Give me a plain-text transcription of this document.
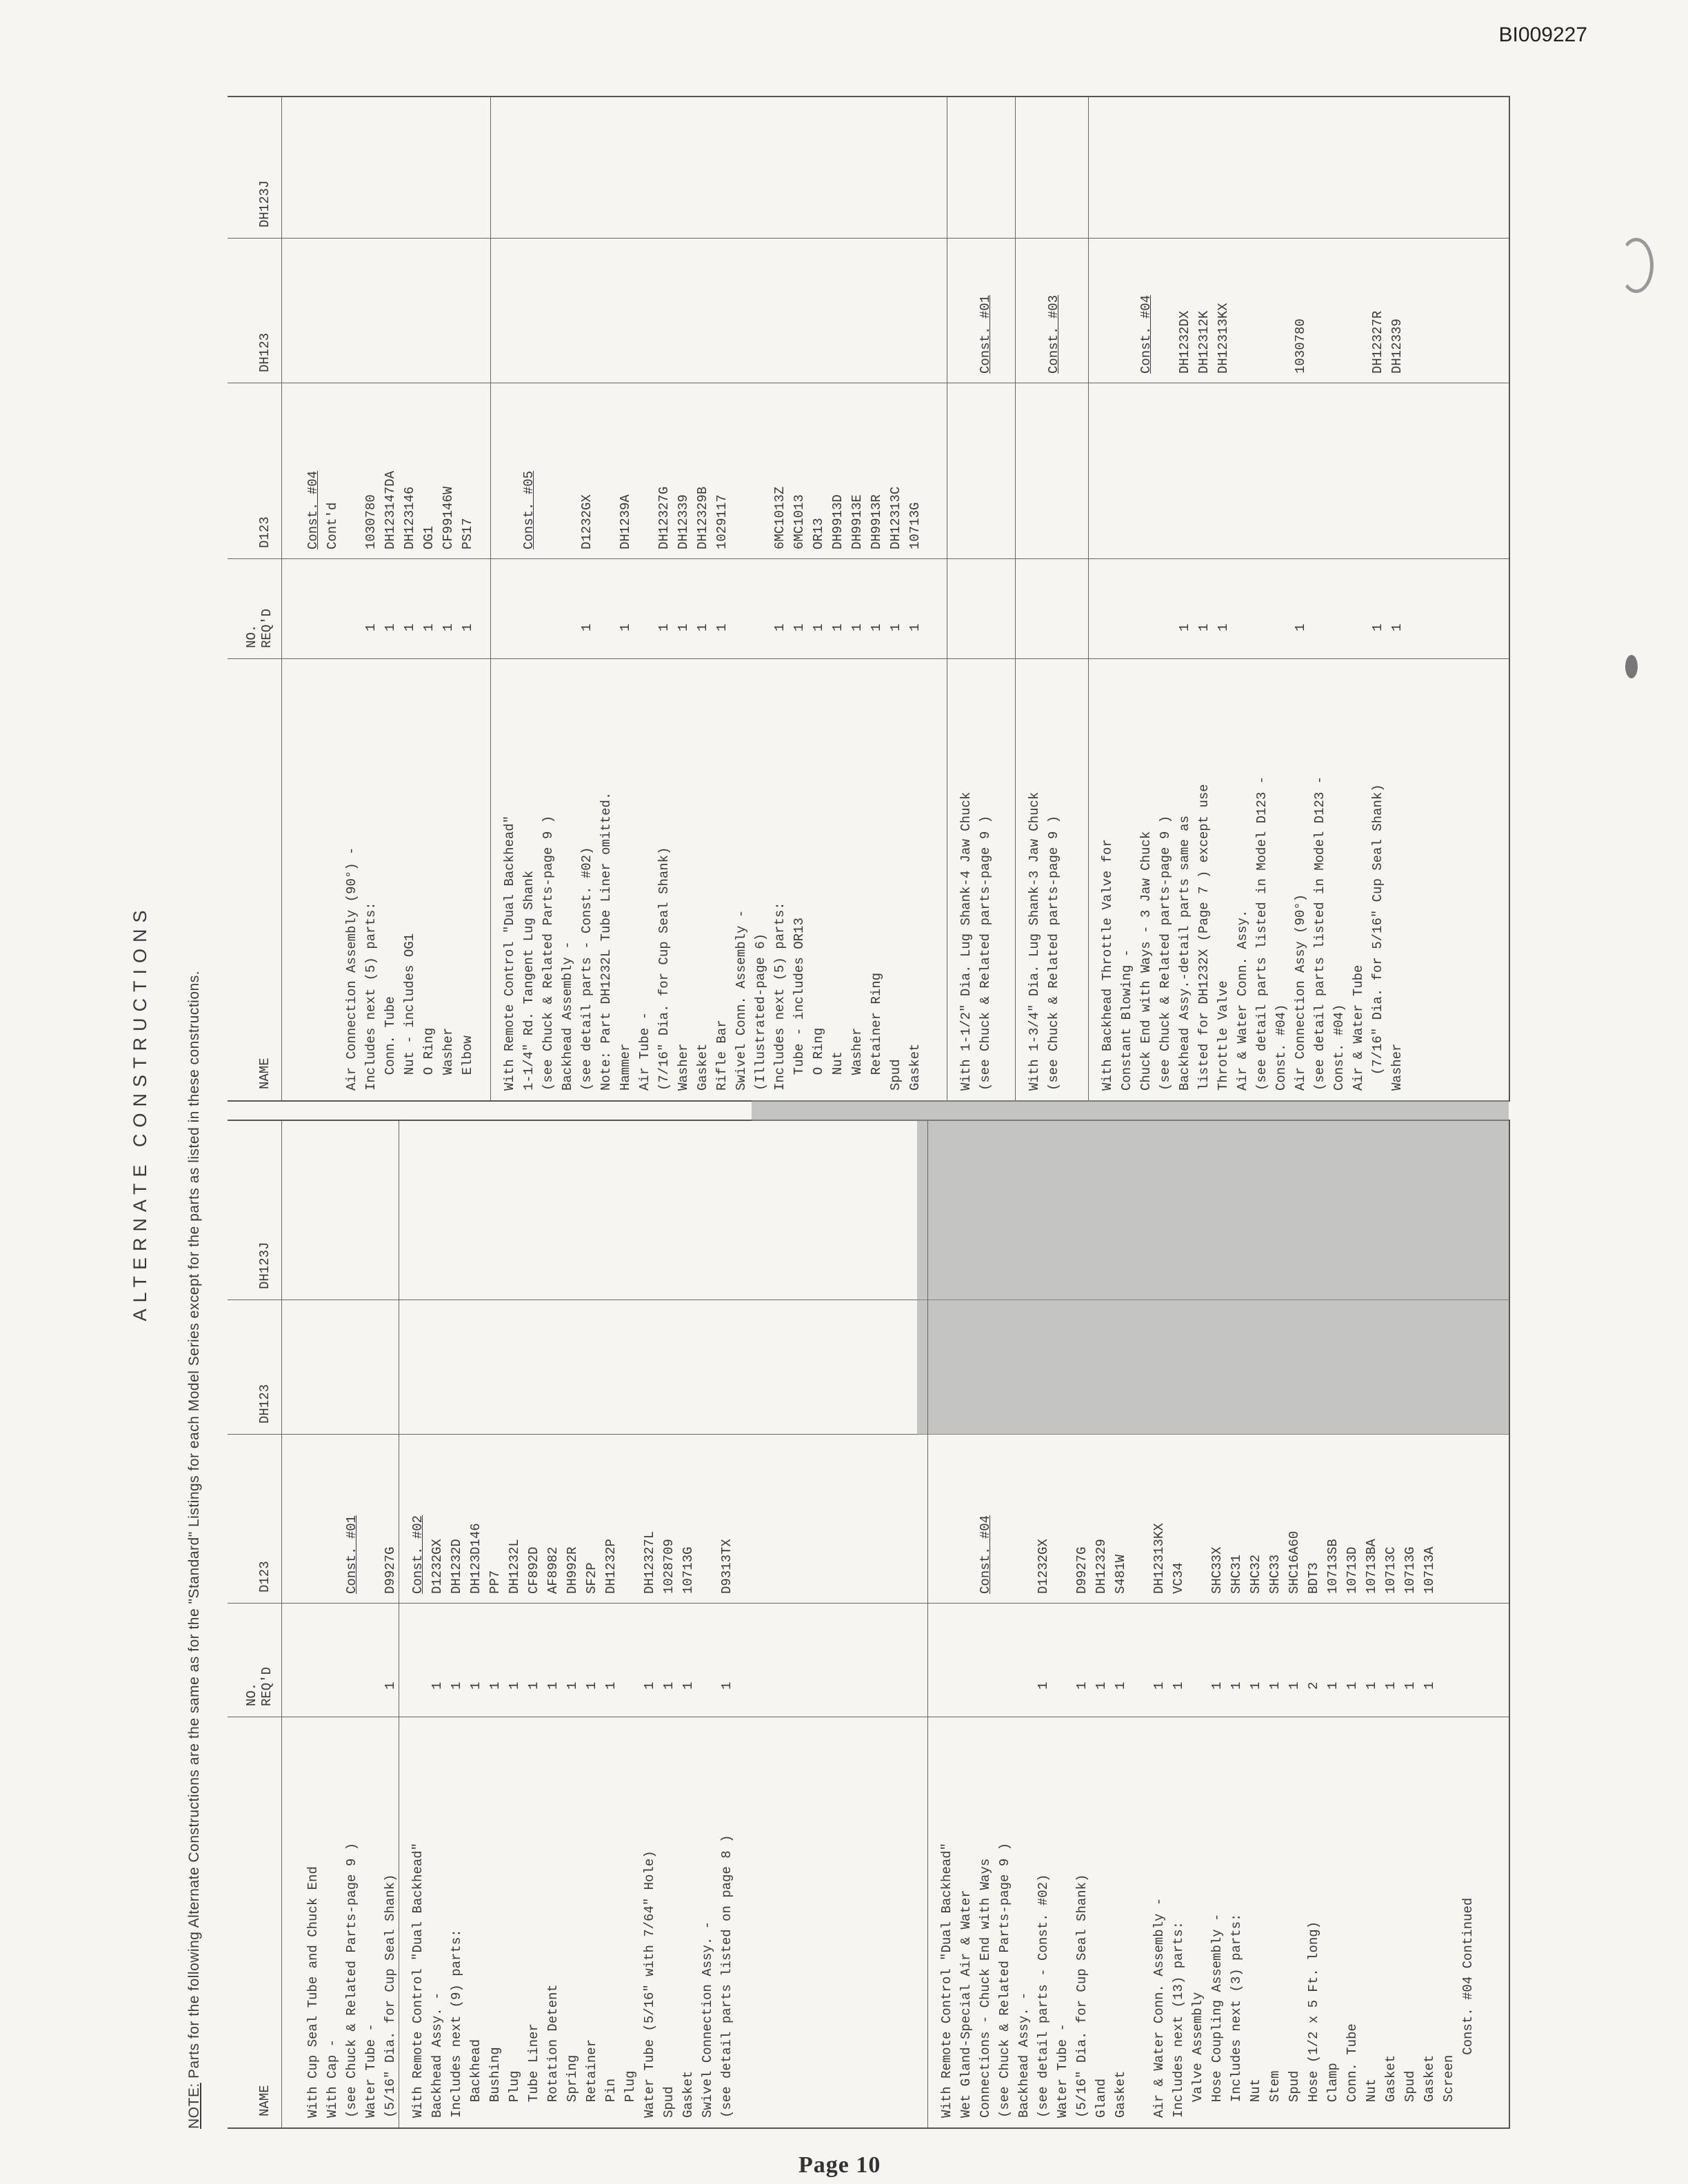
BI009227
ALTERNATE CONSTRUCTIONS
NOTE: Parts for the following Alternate Constructions are the same as for the "Standard" Listings for each Model Series except for the parts as listed in these constructions.
NAME
NO. REQ'D
D123
DH123
DH123J
With Cup Seal Tube and Chuck End With Cap - (see Chuck & Related Parts-page 9 )
Const. #01
Water Tube - (5/16" Dia. for Cup Seal Shank)
1
D9927G
With Remote Control "Dual Backhead"
Const. #02
Backhead Assy. -
1
D1232GX
Includes next (9) parts:
1
DH1232D
Backhead
1
DH123D146
Bushing
1
PP7
Plug
1
DH1232L
Tube Liner
1
CF892D
Rotation Detent
1
AF8982
Spring
1
DH992R
Retainer
1
SF2P
Pin
1
DH1232P
Plug Water Tube (5/16" with 7/64" Hole)
1
DH12327L
Spud
1
1028709
Gasket
1
10713G
Swivel Connection Assy. - (see detail parts listed on page 8 )
1
D9313TX
With Remote Control "Dual Backhead" Wet Gland-Special Air & Water Connections - Chuck End with Ways
Const. #04
(see Chuck & Related Parts-page 9 ) Backhead Assy. - (see detail parts - Const. #02)
1
D1232GX
Water Tube - (5/16" Dia. for Cup Seal Shank)
1
D9927G
Gland
1
DH12329
Gasket
1
S481W
Air & Water Conn. Assembly -
1
DH12313KX
Includes next (13) parts:
1
VC34
Valve Assembly Hose Coupling Assembly -
1
SHC33X
Includes next (3) parts:
1
SHC31
Nut
1
SHC32
Stem
1
SHC33
Spud
1
SHC16A60
Hose (1/2 x 5 Ft. long)
2
BDT3
Clamp
1
10713SB
Conn. Tube
1
10713D
Nut
1
10713BA
Gasket
1
10713C
Spud
1
10713G
Gasket
1
10713A
Screen Const. #04 Continued
NAME
NO. REQ'D
D123
DH123
DH123J
Const. #04 Cont'd
Air Connection Assembly (90°) - Includes next (5) parts:
1
1030780
Conn. Tube
1
DH123147DA
Nut - includes OG1
1
DH123146
O Ring
1
OG1
Washer
1
CF99146W
Elbow
1
PS17
With Remote Control "Dual Backhead" 1-1/4" Rd. Tangent Lug Shank
Const. #05
(see Chuck & Related Parts-page 9 ) Backhead Assembly - (see detail parts - Const. #02)
1
D1232GX
Note: Part DH1232L Tube Liner omitted. Hammer
1
DH1239A
Air Tube - (7/16" Dia. for Cup Seal Shank)
1
DH12327G
Washer
1
DH12339
Gasket
1
DH12329B
Rifle Bar
1
1029117
Swivel Conn. Assembly - (Illustrated-page 6) Includes next (5) parts:
1
6MC1013Z
Tube - includes OR13
1
6MC1013
O Ring
1
OR13
Nut
1
DH9913D
Washer
1
DH9913E
Retainer Ring
1
DH9913R
Spud
1
DH12313C
Gasket
1
10713G
With 1-1/2" Dia. Lug Shank-4 Jaw Chuck (see Chuck & Related parts-page 9 )
Const. #01
With 1-3/4" Dia. Lug Shank-3 Jaw Chuck (see Chuck & Related parts-page 9 )
Const. #03
With Backhead Throttle Valve for Constant Blowing - Chuck End with Ways - 3 Jaw Chuck
Const. #04
(see Chuck & Related parts-page 9 ) Backhead Assy.-detail parts same as
1
DH1232DX
listed for DH1232X (Page 7 ) except use
1
DH12312K
Throttle Valve
1
DH12313KX
Air & Water Conn. Assy. (see detail parts listed in Model D123 - Const. #04) Air Connection Assy (90°)
1
1030780
(see detail parts listed in Model D123 - Const. #04) Air & Water Tube (7/16" Dia. for 5/16" Cup Seal Shank)
1
DH12327R
Washer
1
DH12339
Page 10
